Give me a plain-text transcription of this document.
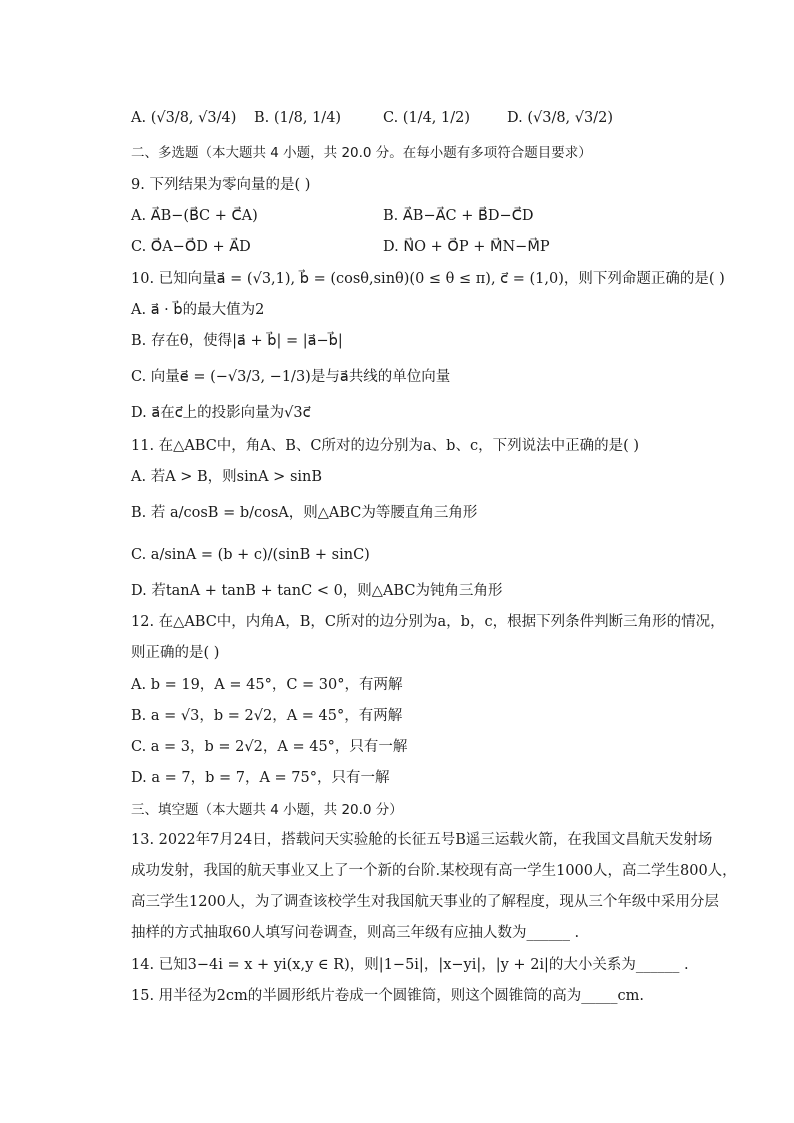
A. (√3/8, √3/4) B. (1/8, 1/4)	C. (1/4, 1/2)	D. (√3/8, √3/2)
二、多选题（本大题共 4 小题，共 20.0 分。在每小题有多项符合题目要求）
9. 下列结果为零向量的是( )
A. A⃗B−(B⃗C + C⃗A)	B. A⃗B−A⃗C + B⃗D−C⃗D
C. O⃗A−O⃗D + A⃗D	D. N⃗O + O⃗P + M⃗N−M⃗P
10. 已知向量a⃗ = (√3,1), b⃗ = (cosθ,sinθ)(0 ≤ θ ≤ π), c⃗ = (1,0)，则下列命题正确的是( )
A. a⃗ · b⃗的最大值为2
B. 存在θ，使得|a⃗ + b⃗| = |a⃗−b⃗|
C. 向量e⃗ = (−√3/3, −1/3)是与a⃗共线的单位向量
D. a⃗在c⃗上的投影向量为√3c⃗
11. 在△ABC中，角A、B、C所对的边分别为a、b、c，下列说法中正确的是( )
A. 若A > B，则sinA > sinB
B. 若 a/cosB = b/cosA，则△ABC为等腰直角三角形
C. a/sinA = (b + c)/(sinB + sinC)
D. 若tanA + tanB + tanC < 0，则△ABC为钝角三角形
12. 在△ABC中，内角A，B，C所对的边分别为a，b，c，根据下列条件判断三角形的情况，
则正确的是( )
A. b = 19，A = 45°，C = 30°，有两解
B. a = √3，b = 2√2，A = 45°，有两解
C. a = 3，b = 2√2，A = 45°，只有一解
D. a = 7，b = 7，A = 75°，只有一解
三、填空题（本大题共 4 小题，共 20.0 分）
13. 2022年7月24日，搭载问天实验舱的长征五号B遥三运载火箭，在我国文昌航天发射场
成功发射，我国的航天事业又上了一个新的台阶.某校现有高一学生1000人，高二学生800人，
高三学生1200人，为了调查该校学生对我国航天事业的了解程度，现从三个年级中采用分层
抽样的方式抽取60人填写问卷调查，则高三年级有应抽人数为______ .
14. 已知3−4i = x + yi(x,y ∈ R)，则|1−5i|，|x−yi|，|y + 2i|的大小关系为______ .
15. 用半径为2cm的半圆形纸片卷成一个圆锥筒，则这个圆锥筒的高为_____cm.
